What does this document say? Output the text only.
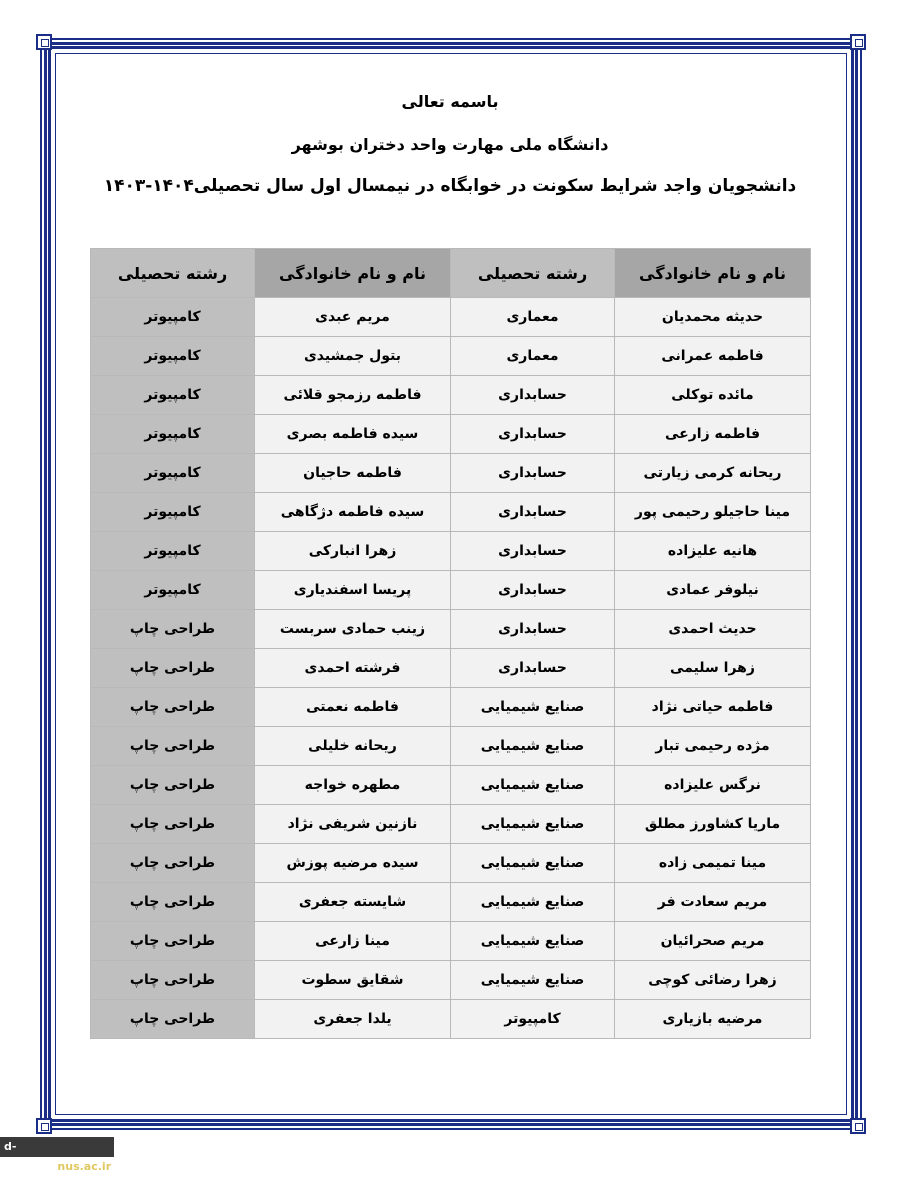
باسمه تعالی
دانشگاه ملی مهارت واحد دختران بوشهر
دانشجویان واجد شرایط سکونت در خوابگاه در نیمسال اول سال تحصیلی۱۴۰۴-۱۴۰۳
نام و نام خانوادگی	رشته تحصیلی	نام و نام خانوادگی	رشته تحصیلی
حدیثه محمدیان	معماری	مریم عبدی	کامپیوتر
فاطمه عمرانی	معماری	بتول جمشیدی	کامپیوتر
مائده توکلی	حسابداری	فاطمه رزمجو قلائی	کامپیوتر
فاطمه زارعی	حسابداری	سیده فاطمه بصری	کامپیوتر
ریحانه کرمی زیارتی	حسابداری	فاطمه حاجیان	کامپیوتر
مینا حاجیلو رحیمی پور	حسابداری	سیده فاطمه دژگاهی	کامپیوتر
هانیه علیزاده	حسابداری	زهرا انبارکی	کامپیوتر
نیلوفر عمادی	حسابداری	پریسا اسفندیاری	کامپیوتر
حدیث احمدی	حسابداری	زینب حمادی سربست	طراحی چاپ
زهرا سلیمی	حسابداری	فرشته احمدی	طراحی چاپ
فاطمه حیاتی نژاد	صنایع شیمیایی	فاطمه نعمتی	طراحی چاپ
مژده رحیمی تبار	صنایع شیمیایی	ریحانه خلیلی	طراحی چاپ
نرگس علیزاده	صنایع شیمیایی	مطهره خواجه	طراحی چاپ
ماریا کشاورز مطلق	صنایع شیمیایی	نازنین شریفی نژاد	طراحی چاپ
مینا تمیمی زاده	صنایع شیمیایی	سیده مرضیه پوزش	طراحی چاپ
مریم سعادت فر	صنایع شیمیایی	شایسته جعفری	طراحی چاپ
مریم صحرائیان	صنایع شیمیایی	مینا زارعی	طراحی چاپ
زهرا رضائی کوچی	صنایع شیمیایی	شقایق سطوت	طراحی چاپ
مرضیه بازیاری	کامپیوتر	یلدا جعفری	طراحی چاپ
d-bushehr.nus.ac.ir
